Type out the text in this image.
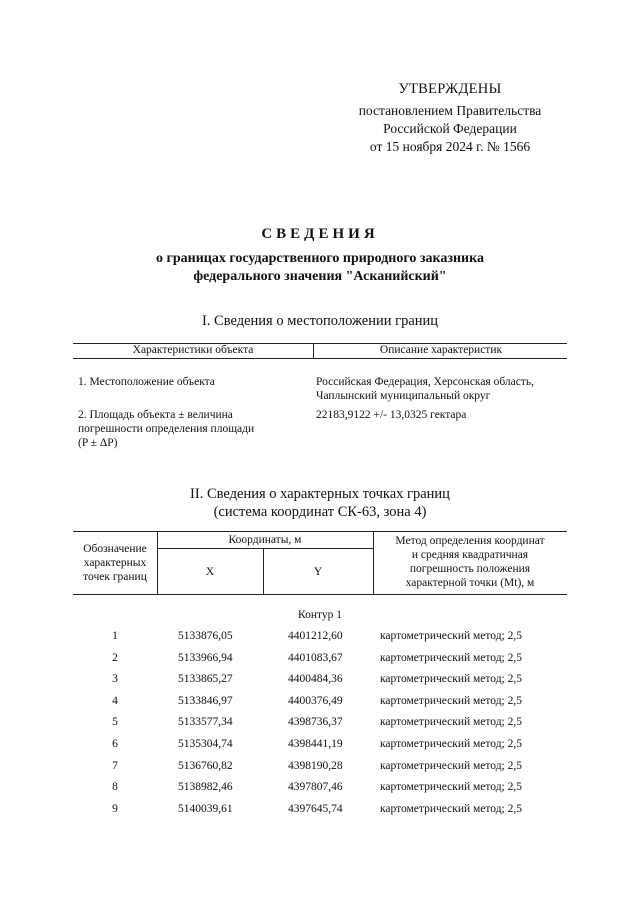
УТВЕРЖДЕНЫ
постановлением Правительства
Российской Федерации
от 15 ноября 2024 г. № 1566
СВЕДЕНИЯ
о границах государственного природного заказника
федерального значения "Асканийский"
I. Сведения о местоположении границ
Характеристики объекта	Описание характеристик
1. Местоположение объекта	Российская Федерация, Херсонская область,
Чаплынский муниципальный округ
2. Площадь объекта ± величина
погрешности определения площади
(P ± ΔP)
22183,9122 +/- 13,0325 гектара
II. Сведения о характерных точках границ
(система координат СК-63, зона 4)
Обозначение
характерных
точек границ
Координаты, м
X	Y
Метод определения координат
и средняя квадратичная
погрешность положения
характерной точки (Mt), м
Контур 1
1	5133876,05	4401212,60	картометрический метод; 2,5
2	5133966,94	4401083,67	картометрический метод; 2,5
3	5133865,27	4400484,36	картометрический метод; 2,5
4	5133846,97	4400376,49	картометрический метод; 2,5
5	5133577,34	4398736,37	картометрический метод; 2,5
6	5135304,74	4398441,19	картометрический метод; 2,5
7	5136760,82	4398190,28	картометрический метод; 2,5
8	5138982,46	4397807,46	картометрический метод; 2,5
9	5140039,61	4397645,74	картометрический метод; 2,5
